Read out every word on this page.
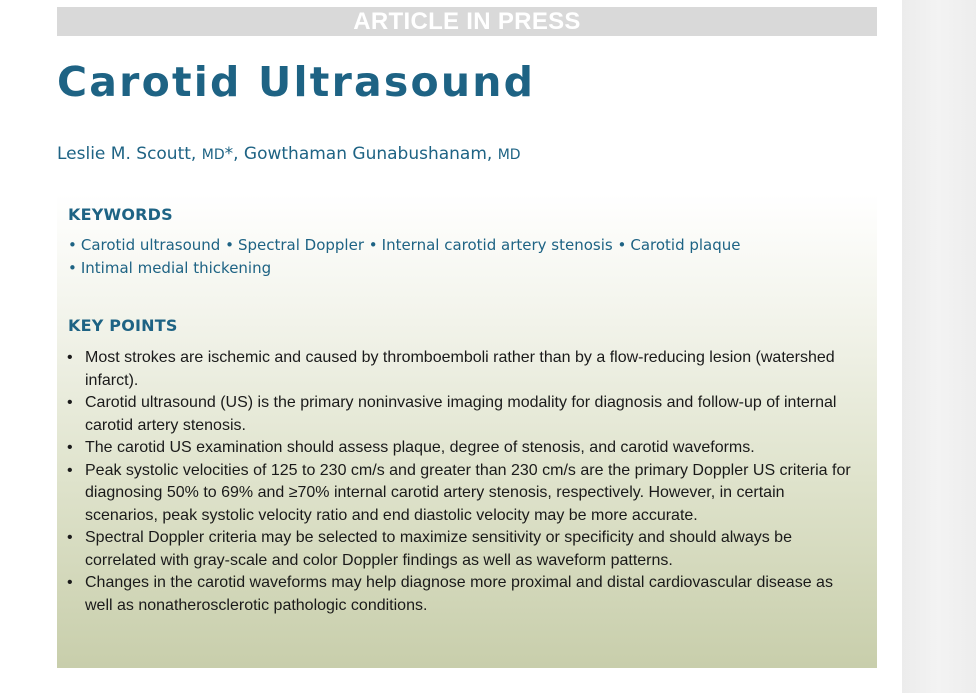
ARTICLE IN PRESS
Carotid Ultrasound
Leslie M. Scoutt, MD*, Gowthaman Gunabushanam, MD
KEYWORDS
• Carotid ultrasound • Spectral Doppler • Internal carotid artery stenosis • Carotid plaque
• Intimal medial thickening
KEY POINTS
• Most strokes are ischemic and caused by thromboemboli rather than by a flow-reducing lesion (watershed infarct).
• Carotid ultrasound (US) is the primary noninvasive imaging modality for diagnosis and follow-up of internal carotid artery stenosis.
• The carotid US examination should assess plaque, degree of stenosis, and carotid waveforms.
• Peak systolic velocities of 125 to 230 cm/s and greater than 230 cm/s are the primary Doppler US criteria for diagnosing 50% to 69% and ≥70% internal carotid artery stenosis, respectively. However, in certain scenarios, peak systolic velocity ratio and end diastolic velocity may be more accurate.
• Spectral Doppler criteria may be selected to maximize sensitivity or specificity and should always be correlated with gray-scale and color Doppler findings as well as waveform patterns.
• Changes in the carotid waveforms may help diagnose more proximal and distal cardiovascular disease as well as nonatherosclerotic pathologic conditions.
